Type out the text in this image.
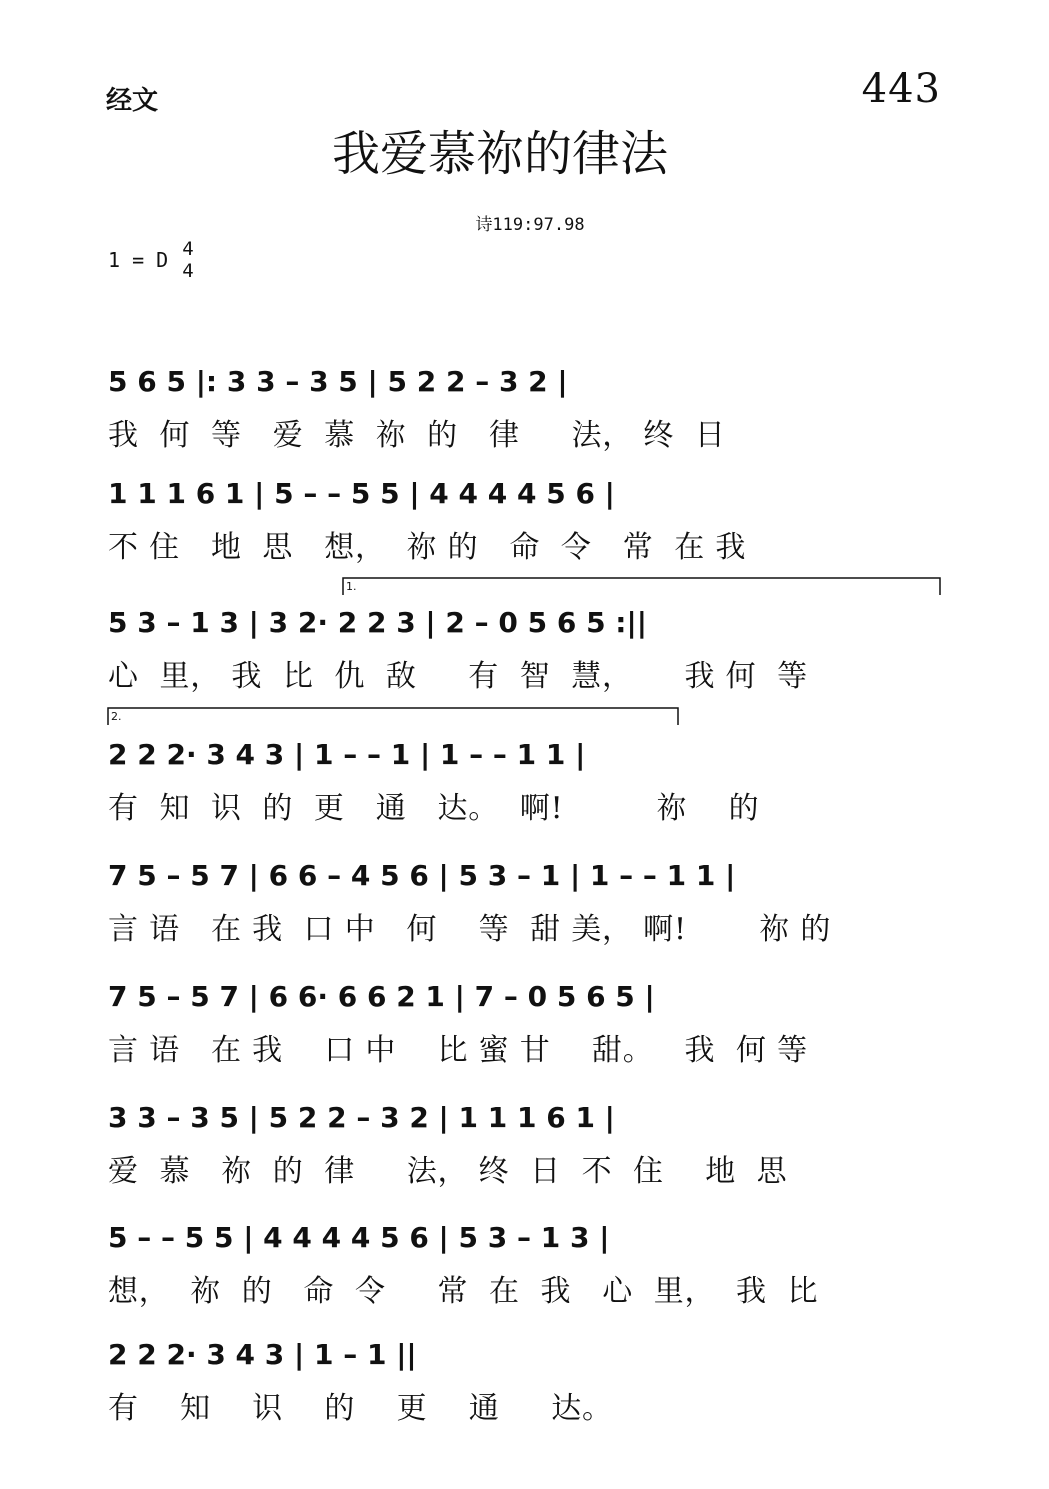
经文	443
我爱慕祢的律法
诗119:97.98
1 = D 4
4
1.
2.
5 6 5 |: 3 3 – 3 5 | 5 2 2 – 3 2 |
我  何  等   爱  慕  祢  的   律     法， 终  日
1 1 1 6 1 | 5 – – 5 5 | 4 4 4 4 5 6 |
不 住   地  思   想，  祢 的   命  令   常  在 我
5 3 – 1 3 | 3 2· 2 2 3 | 2 – 0 5 6 5 :||
心  里， 我  比  仇  敌     有  智  慧，     我 何  等
2 2 2· 3 4 3 | 1 – – 1 | 1 – – 1 1 |
有  知  识  的  更   通   达。  啊!         祢    的
7 5 – 5 7 | 6 6 – 4 5 6 | 5 3 – 1 | 1 – – 1 1 |
言 语   在 我  口 中   何    等  甜 美， 啊!       祢 的
7 5 – 5 7 | 6 6· 6 6 2 1 | 7 – 0 5 6 5 |
言 语   在 我    口 中    比 蜜 甘    甜。   我  何 等
3 3 – 3 5 | 5 2 2 – 3 2 | 1 1 1 6 1 |
爱  慕   祢  的  律     法， 终  日  不  住    地  思
5 – – 5 5 | 4 4 4 4 5 6 | 5 3 – 1 3 |
想，  祢  的   命  令     常  在  我   心  里，  我  比
2 2 2· 3 4 3 | 1 – 1 ||
有    知    识    的    更    通     达。
